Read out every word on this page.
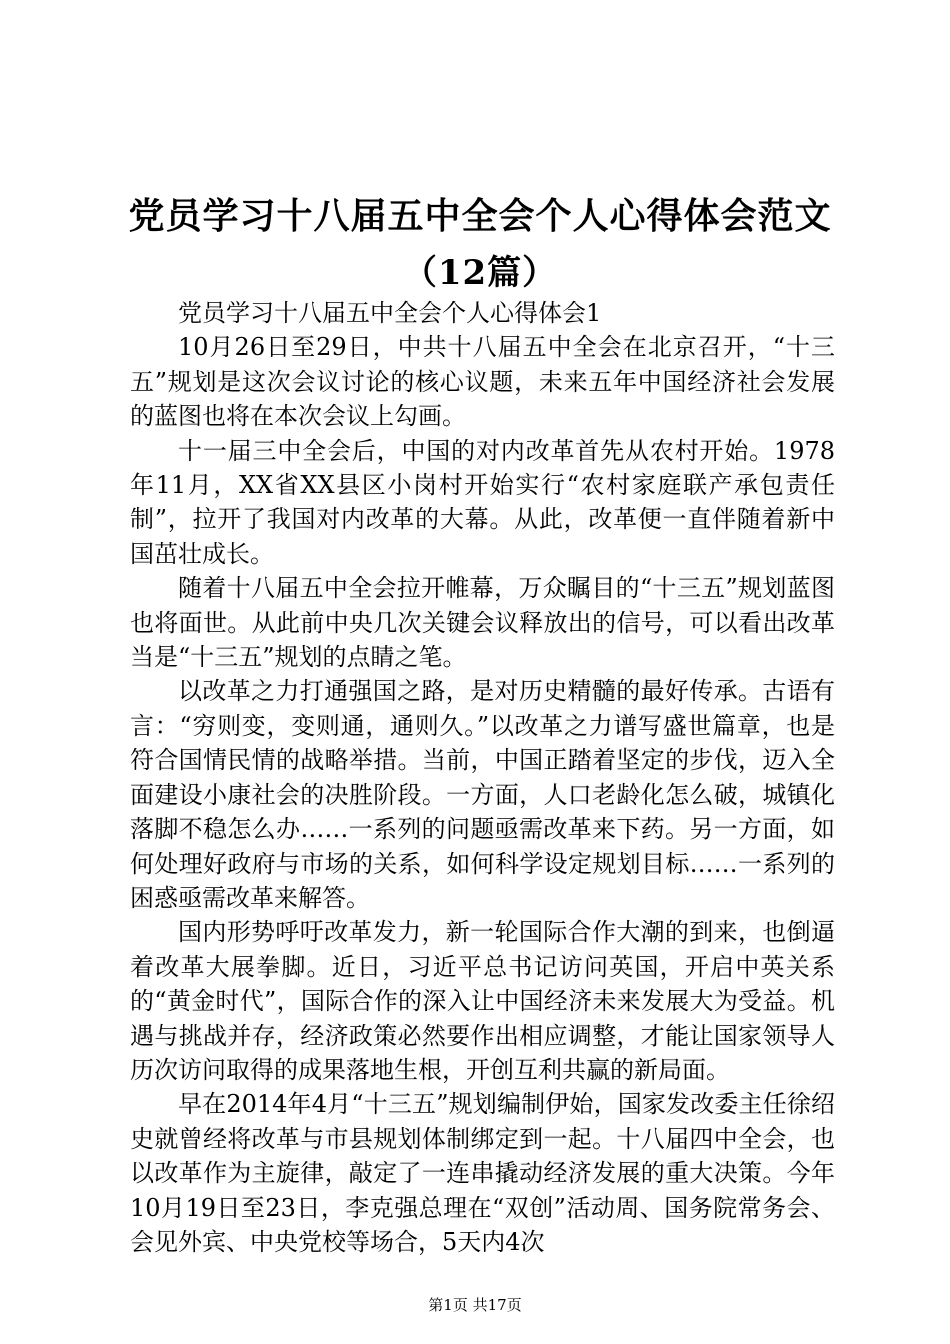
党员学习十八届五中全会个人心得体会范文
（12篇）

党员学习十八届五中全会个人心得体会1

10月26日至29日，中共十八届五中全会在北京召开，“十三五”规划是这次会议讨论的核心议题，未来五年中国经济社会发展的蓝图也将在本次会议上勾画。

十一届三中全会后，中国的对内改革首先从农村开始。1978年11月，XX省XX县区小岗村开始实行“农村家庭联产承包责任制”，拉开了我国对内改革的大幕。从此，改革便一直伴随着新中国茁壮成长。

随着十八届五中全会拉开帷幕，万众瞩目的“十三五”规划蓝图也将面世。从此前中央几次关键会议释放出的信号，可以看出改革当是“十三五”规划的点睛之笔。

以改革之力打通强国之路，是对历史精髓的最好传承。古语有言：“穷则变，变则通，通则久。”以改革之力谱写盛世篇章，也是符合国情民情的战略举措。当前，中国正踏着坚定的步伐，迈入全面建设小康社会的决胜阶段。一方面，人口老龄化怎么破，城镇化落脚不稳怎么办……一系列的问题亟需改革来下药。另一方面，如何处理好政府与市场的关系，如何科学设定规划目标……一系列的困惑亟需改革来解答。

国内形势呼吁改革发力，新一轮国际合作大潮的到来，也倒逼着改革大展拳脚。近日，习近平总书记访问英国，开启中英关系的“黄金时代”，国际合作的深入让中国经济未来发展大为受益。机遇与挑战并存，经济政策必然要作出相应调整，才能让国家领导人历次访问取得的成果落地生根，开创互利共赢的新局面。

早在2014年4月“十三五”规划编制伊始，国家发改委主任徐绍史就曾经将改革与市县规划体制绑定到一起。十八届四中全会，也以改革作为主旋律，敲定了一连串撬动经济发展的重大决策。今年10月19日至23日，李克强总理在“双创”活动周、国务院常务会、会见外宾、中央党校等场合，5天内4次

第1页 共17页
